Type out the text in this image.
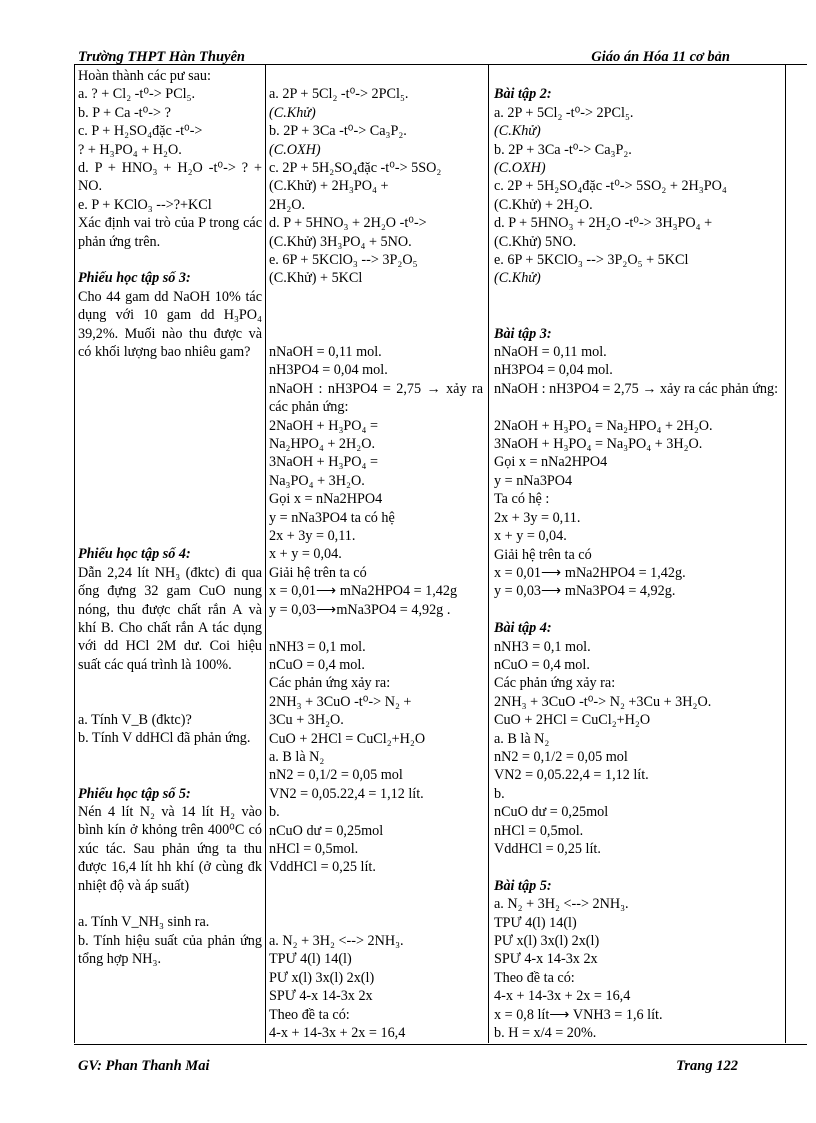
Trường THPT Hàn Thuyên	Giáo án Hóa 11 cơ bản
Hoàn thành các pư sau:
a. ? + Cl₂ -t⁰-> PCl₅.
b. P + Ca -t⁰-> ?
c. P + H₂SO₄đặc -t⁰->
? + H₃PO₄ + H₂O.
d. P + HNO₃ + H₂O -t⁰-> ? + NO.
e. P + KClO₃ -->?+KCl
Xác định vai trò của P trong các phản ứng trên.
Phiếu học tập số 3:
Cho 44 gam dd NaOH 10% tác dụng với 10 gam dd H₃PO₄ 39,2%. Muối nào thu được và có khối lượng bao nhiêu gam?
Phiếu học tập số 4:
Dẫn 2,24 lít NH₃ (đktc) đi qua ống đựng 32 gam CuO nung nóng, thu được chất rắn A và khí B. Cho chất rắn A tác dụng với dd HCl 2M dư. Coi hiệu suất các quá trình là 100%.
a. Tính V_B (đktc)?
b. Tính V ddHCl đã phản ứng.
Phiếu học tập số 5:
Nén 4 lít N₂ và 14 lít H₂ vào bình kín ở khỏng trên 400⁰C có xúc tác. Sau phản ứng ta thu được 16,4 lít hh khí (ở cùng đk nhiệt độ và áp suất)
a. Tính V_NH₃ sinh ra.
b. Tính hiệu suất của phản ứng tổng hợp NH₃.
a. 2P + 5Cl₂ -t⁰-> 2PCl₅.
(C.Khử)
b. 2P + 3Ca -t⁰-> Ca₃P₂.
(C.OXH)
c. 2P + 5H₂SO₄đặc -t⁰-> 5SO₂
(C.Khử) + 2H₃PO₄ +
2H₂O.
d. P + 5HNO₃ + 2H₂O -t⁰->
(C.Khử) 3H₃PO₄ + 5NO.
e. 6P + 5KClO₃ --> 3P₂O₅
(C.Khử) + 5KCl
nNaOH = 0,11 mol.
nH3PO4 = 0,04 mol.
nNaOH : nH3PO4 = 2,75 → xảy ra các phản ứng:
2NaOH + H₃PO₄ =
Na₂HPO₄ + 2H₂O.
3NaOH + H₃PO₄ =
Na₃PO₄ + 3H₂O.
Gọi x = nNa2HPO4
y = nNa3PO4 ta có hệ
2x + 3y = 0,11.
x + y = 0,04.
Giải hệ trên ta có
x = 0,01⟶ mNa2HPO4 = 1,42g
y = 0,03⟶mNa3PO4 = 4,92g .
nNH3 = 0,1 mol.
nCuO = 0,4 mol.
Các phản ứng xảy ra:
2NH₃ + 3CuO -t⁰-> N₂ +
3Cu + 3H₂O.
CuO + 2HCl = CuCl₂+H₂O
a. B là N₂
nN2 = 0,1/2 = 0,05 mol
VN2 = 0,05.22,4 = 1,12 lít.
b.
nCuO dư = 0,25mol
nHCl = 0,5mol.
VddHCl = 0,25 lít.
a. N₂ + 3H₂ <--> 2NH₃.
TPƯ 4(l) 14(l)
PƯ x(l) 3x(l) 2x(l)
SPƯ 4-x 14-3x 2x
Theo đề ta có:
4-x + 14-3x + 2x = 16,4
Bài tập 2:
a. 2P + 5Cl₂ -t⁰-> 2PCl₅.
(C.Khử)
b. 2P + 3Ca -t⁰-> Ca₃P₂.
(C.OXH)
c. 2P + 5H₂SO₄đặc -t⁰-> 5SO₂ + 2H₃PO₄
(C.Khử) + 2H₂O.
d. P + 5HNO₃ + 2H₂O -t⁰-> 3H₃PO₄ +
(C.Khử) 5NO.
e. 6P + 5KClO₃ --> 3P₂O₅ + 5KCl
(C.Khử)
Bài tập 3:
nNaOH = 0,11 mol.
nH3PO4 = 0,04 mol.
nNaOH : nH3PO4 = 2,75 → xảy ra các phản ứng:
2NaOH + H₃PO₄ = Na₂HPO₄ + 2H₂O.
3NaOH + H₃PO₄ = Na₃PO₄ + 3H₂O.
Gọi x = nNa2HPO4
y = nNa3PO4
Ta có hệ :
2x + 3y = 0,11.
x + y = 0,04.
Giải hệ trên ta có
x = 0,01⟶ mNa2HPO4 = 1,42g.
y = 0,03⟶ mNa3PO4 = 4,92g.
Bài tập 4:
nNH3 = 0,1 mol.
nCuO = 0,4 mol.
Các phản ứng xảy ra:
2NH₃ + 3CuO -t⁰-> N₂ +3Cu + 3H₂O.
CuO + 2HCl = CuCl₂+H₂O
a. B là N₂
nN2 = 0,1/2 = 0,05 mol
VN2 = 0,05.22,4 = 1,12 lít.
b.
nCuO dư = 0,25mol
nHCl = 0,5mol.
VddHCl = 0,25 lít.
Bài tập 5:
a. N₂ + 3H₂ <--> 2NH₃.
TPƯ 4(l) 14(l)
PƯ x(l) 3x(l) 2x(l)
SPƯ 4-x 14-3x 2x
Theo đề ta có:
4-x + 14-3x + 2x = 16,4
x = 0,8 lít⟶ VNH3 = 1,6 lít.
b. H = x/4 = 20%.
GV: Phan Thanh Mai	Trang 122
